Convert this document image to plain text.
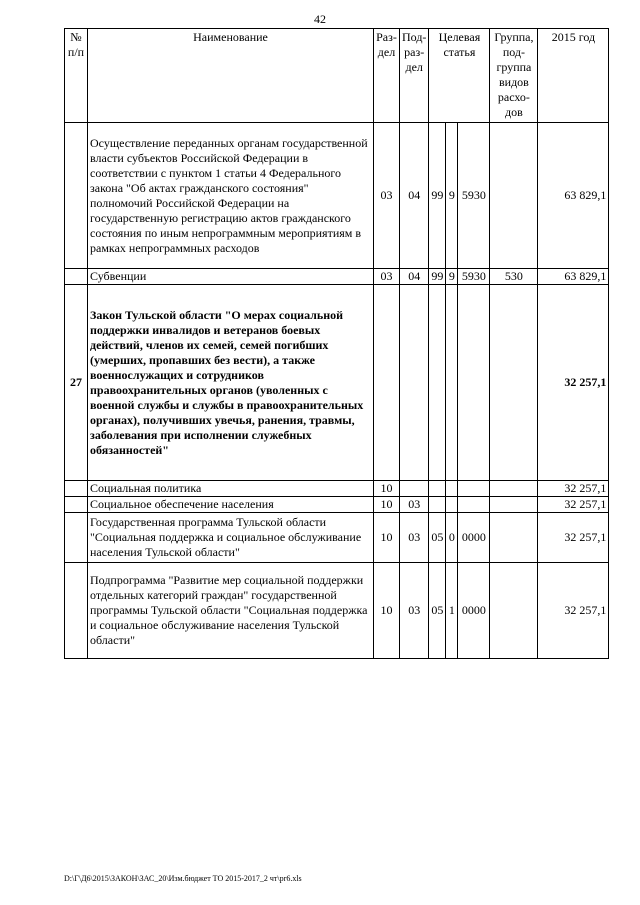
42
№ п/п	Наименование	Раз-дел	Под-раз-дел	Целевая статья			Группа, под-группа видов расхо-дов	2015 год
	Осуществление переданных органам государственной власти субъектов Российской Федерации в соответствии с пунктом 1 статьи 4 Федерального закона "Об актах гражданского состояния" полномочий Российской Федерации на государственную регистрацию актов гражданского состояния по иным непрограммным мероприятиям в рамках непрограммных расходов	03	04	99	9	5930		63 829,1
	Субвенции	03	04	99	9	5930	530	63 829,1
27	Закон Тульской области "О мерах социальной поддержки инвалидов и ветеранов боевых действий, членов их семей, семей погибших (умерших, пропавших без вести), а также военнослужащих и сотрудников правоохранительных органов (уволенных с военной службы и службы в правоохранительных органах), получивших увечья, ранения, травмы, заболевания при исполнении служебных обязанностей"							32 257,1
	Социальная политика	10						32 257,1
	Социальное обеспечение населения	10	03					32 257,1
	Государственная программа Тульской области "Социальная поддержка и социальное обслуживание населения Тульской области"	10	03	05	0	0000		32 257,1
	Подпрограмма "Развитие мер социальной поддержки отдельных категорий граждан" государственной программы Тульской области "Социальная поддержка и социальное обслуживание населения Тульской области"	10	03	05	1	0000		32 257,1
D:\Г\Д6\2015\ЗАКОН\ЗАС_20\Изм.бюджет ТО 2015-2017_2 чт\pr6.xls
